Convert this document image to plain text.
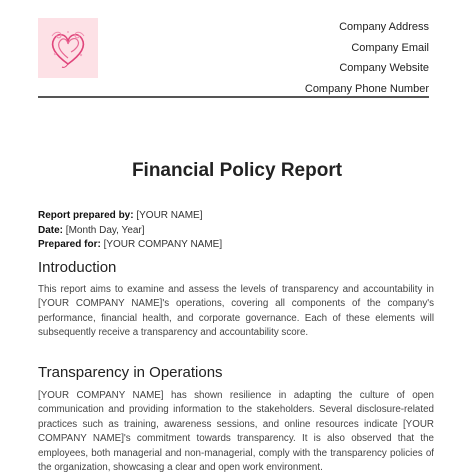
Company Address
Company Email
Company Website
Company Phone Number
Financial Policy Report
Report prepared by: [YOUR NAME]
Date: [Month Day, Year]
Prepared for: [YOUR COMPANY NAME]
Introduction

This report aims to examine and assess the levels of transparency and accountability in [YOUR COMPANY NAME]'s operations, covering all components of the company's performance, financial health, and corporate governance. Each of these elements will subsequently receive a transparency and accountability score.

Transparency in Operations

[YOUR COMPANY NAME] has shown resilience in adapting the culture of open communication and providing information to the stakeholders. Several disclosure-related practices such as training, awareness sessions, and online resources indicate [YOUR COMPANY NAME]'s commitment towards transparency. It is also observed that the employees, both managerial and non-managerial, comply with the transparency policies of the organization, showcasing a clear and open work environment.
